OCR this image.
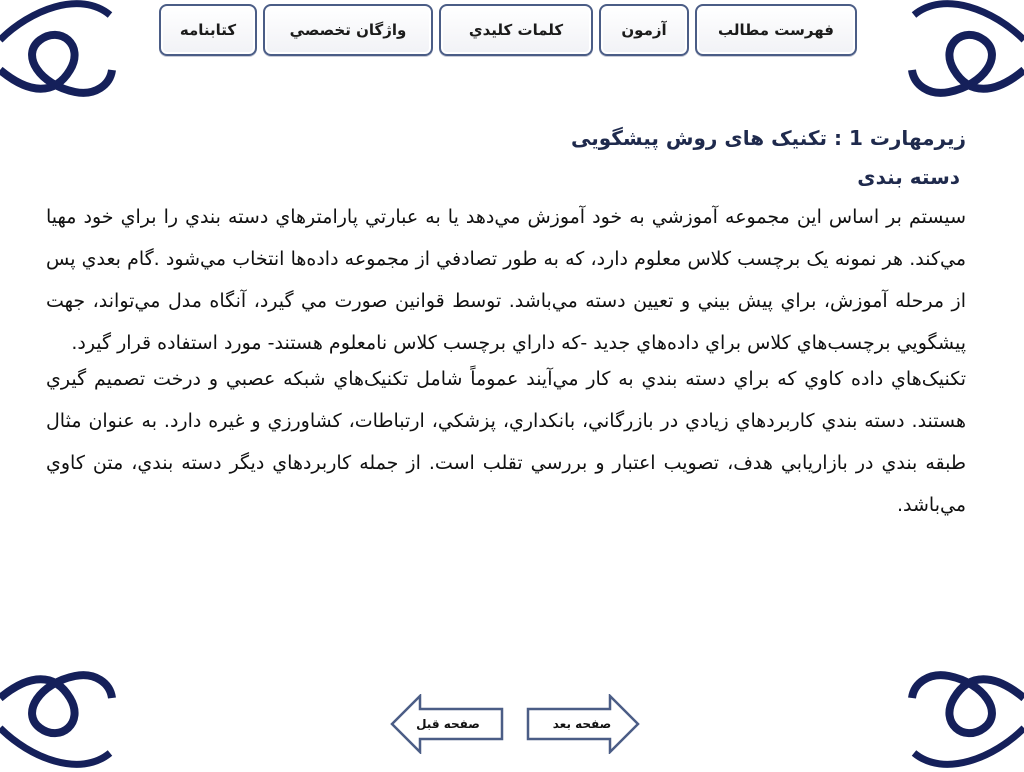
فهرست مطالب
آزمون
كلمات كليدي
واژگان تخصصي
کتابنامه
زیرمهارت 1 : تکنیک های روش پیشگویی
دسته بندی

سيستم بر اساس اين مجموعه آموزشي به خود آموزش مي‌دهد يا به عبارتي پارامترهاي دسته بندي را براي خود مهيا مي‌كند. هر نمونه يک برچسب كلاس معلوم دارد، كه به طور تصادفي از مجموعه داده‌ها انتخاب مي‌شود .گام بعدي پس از مرحله آموزش، براي پيش بيني و تعيين دسته مي‌باشد. توسط قوانين صورت مي گيرد، آنگاه مدل مي‌تواند، جهت پيشگويي برچسب‌هاي كلاس براي داده‌هاي جديد -كه داراي برچسب كلاس نامعلوم هستند- مورد استفاده قرار گيرد.

تکنيک‌هاي داده كاوي كه براي دسته بندي به كار مي‌آيند عموماً شامل تكنيک‌هاي شبكه عصبي و درخت تصميم گيري هستند. دسته بندي كاربردهاي زيادي در بازرگاني، بانكداري، پزشكي، ارتباطات، كشاورزي و غيره دارد. به عنوان مثال طبقه بندي در بازاريابي هدف، تصويب اعتبار و بررسي تقلب است. از جمله كاربردهاي ديگر دسته بندي، متن كاوي مي‌باشد.

صفحه قبل	صفحه بعد
